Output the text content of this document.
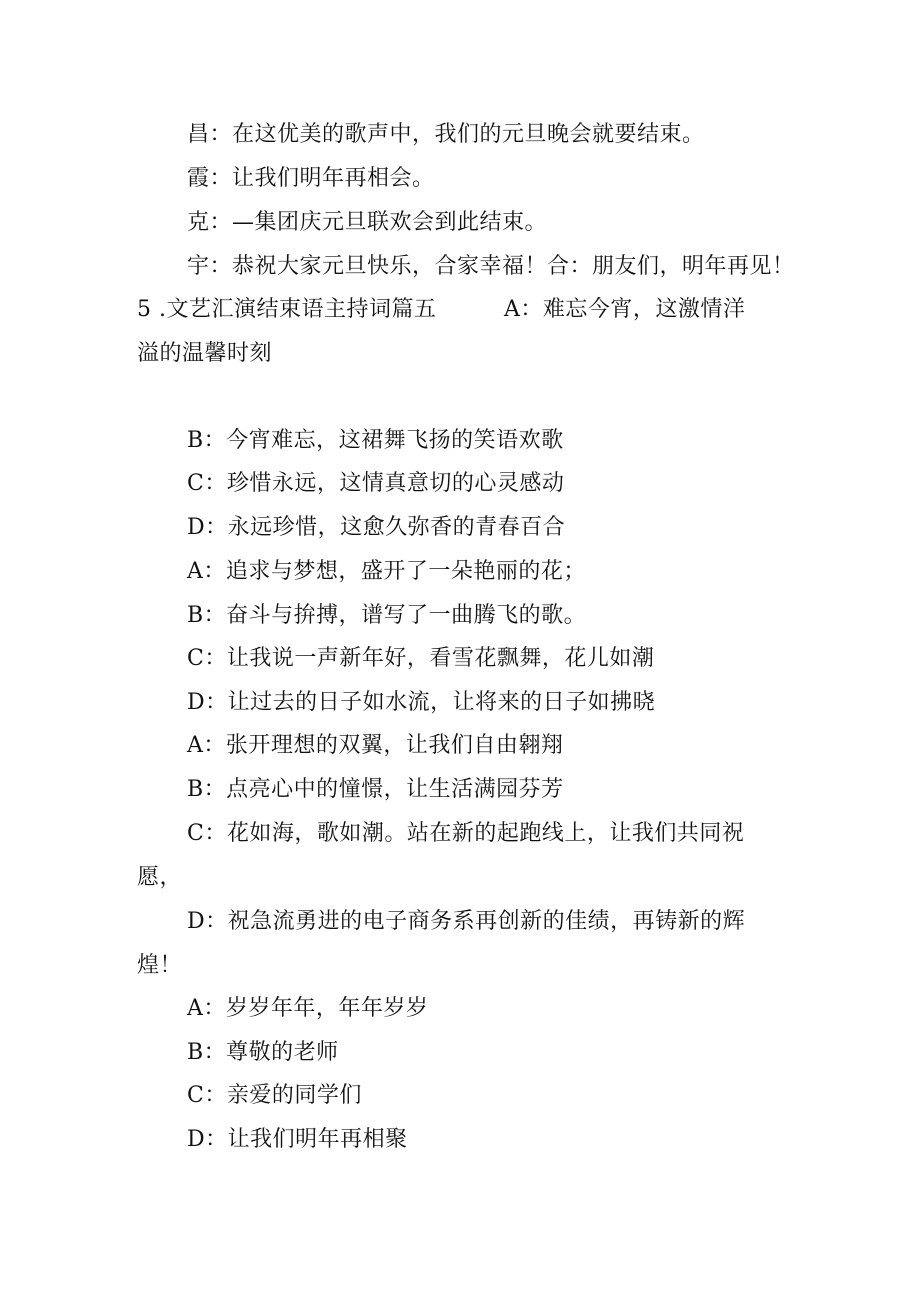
昌：在这优美的歌声中，我们的元旦晚会就要结束。
霞：让我们明年再相会。
克：—集团庆元旦联欢会到此结束。
宇：恭祝大家元旦快乐，合家幸福！合：朋友们，明年再见！
5 .文艺汇演结束语主持词篇五　　　A：难忘今宵，这激情洋
溢的温馨时刻
B：今宵难忘，这裙舞飞扬的笑语欢歌
C：珍惜永远，这情真意切的心灵感动
D：永远珍惜，这愈久弥香的青春百合
A：追求与梦想，盛开了一朵艳丽的花；
B：奋斗与拚搏，谱写了一曲腾飞的歌。
C：让我说一声新年好，看雪花飘舞，花儿如潮
D：让过去的日子如水流，让将来的日子如拂晓
A：张开理想的双翼，让我们自由翱翔
B：点亮心中的憧憬，让生活满园芬芳
C：花如海，歌如潮。站在新的起跑线上，让我们共同祝
愿，
D：祝急流勇进的电子商务系再创新的佳绩，再铸新的辉
煌！
A：岁岁年年，年年岁岁
B：尊敬的老师
C：亲爱的同学们
D：让我们明年再相聚
